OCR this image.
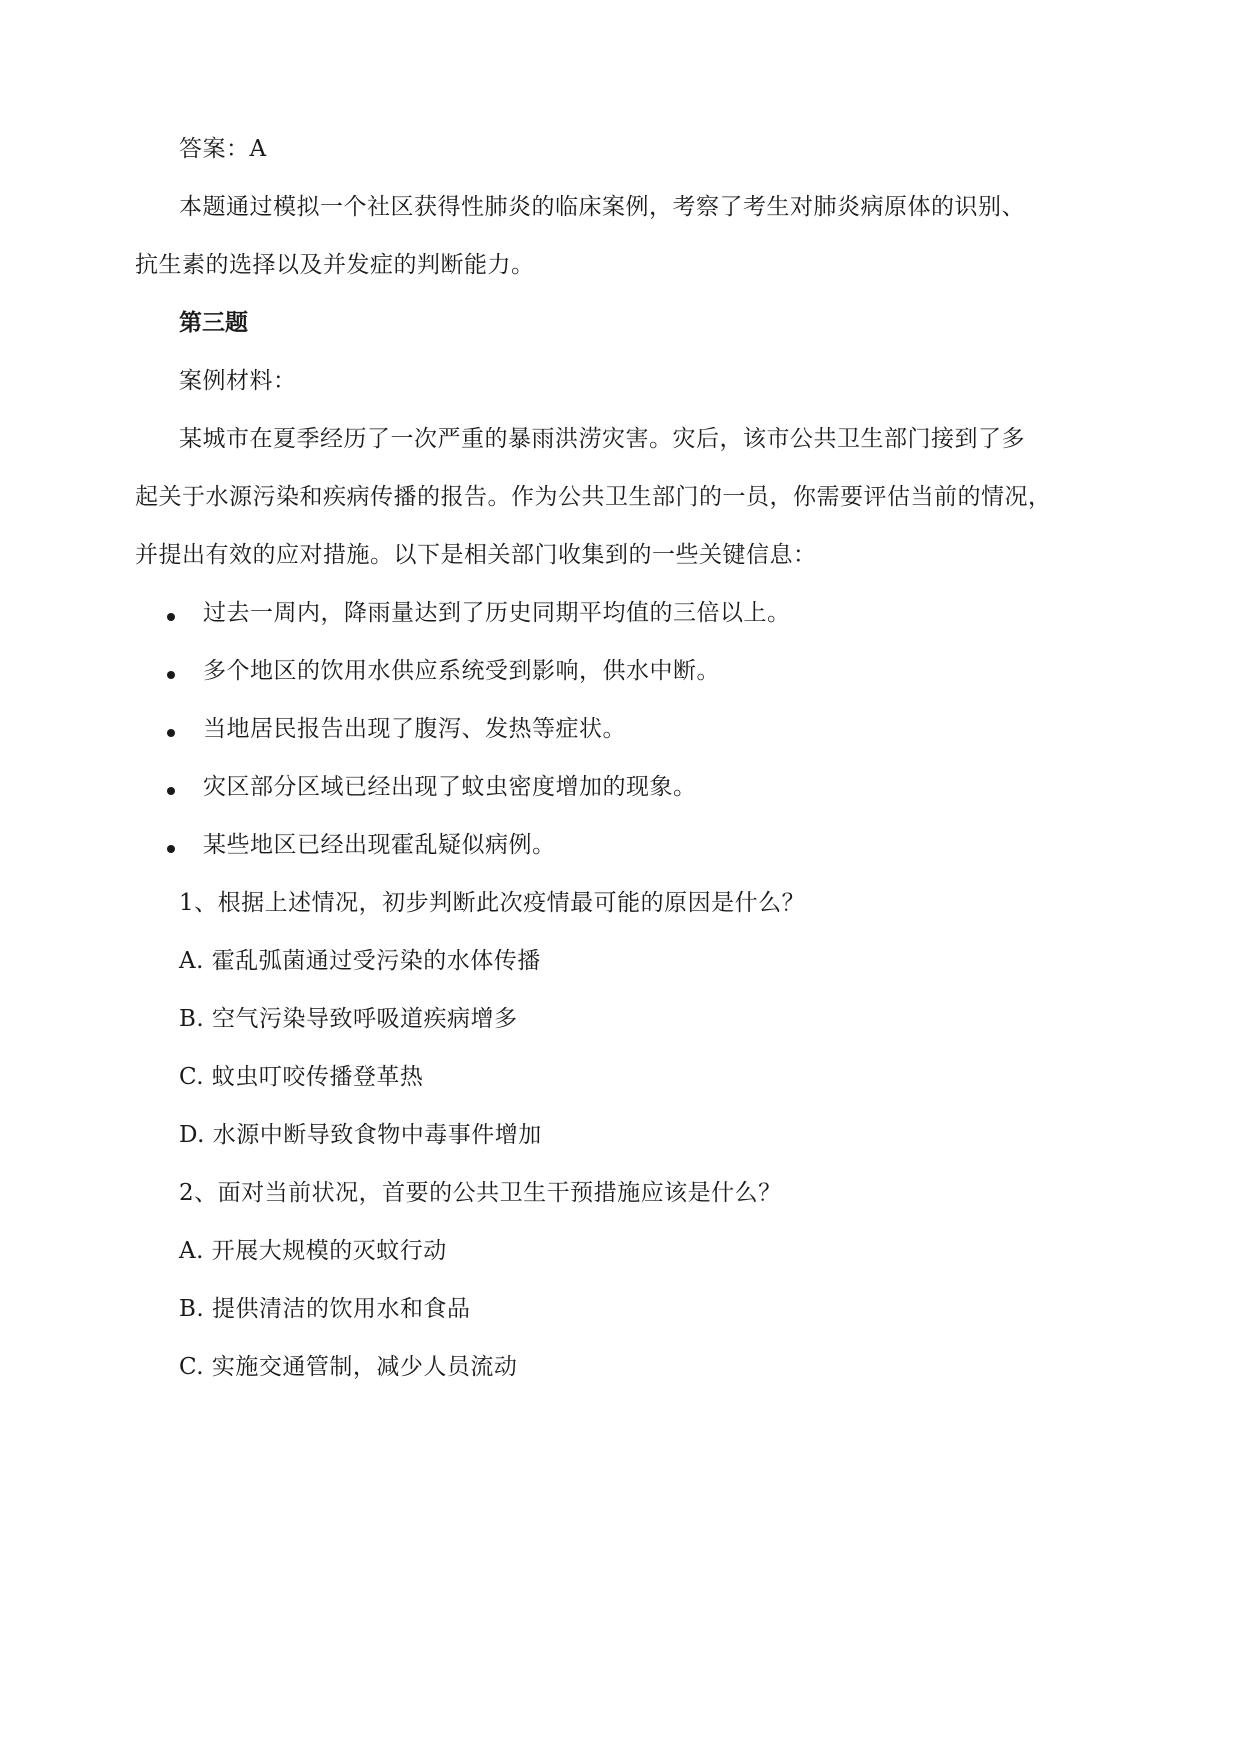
答案：A
本题通过模拟一个社区获得性肺炎的临床案例，考察了考生对肺炎病原体的识别、
抗生素的选择以及并发症的判断能力。
第三题
案例材料：
某城市在夏季经历了一次严重的暴雨洪涝灾害。灾后，该市公共卫生部门接到了多
起关于水源污染和疾病传播的报告。作为公共卫生部门的一员，你需要评估当前的情况，
并提出有效的应对措施。以下是相关部门收集到的一些关键信息：
过去一周内，降雨量达到了历史同期平均值的三倍以上。
多个地区的饮用水供应系统受到影响，供水中断。
当地居民报告出现了腹泻、发热等症状。
灾区部分区域已经出现了蚊虫密度增加的现象。
某些地区已经出现霍乱疑似病例。
1、根据上述情况，初步判断此次疫情最可能的原因是什么？
A. 霍乱弧菌通过受污染的水体传播
B. 空气污染导致呼吸道疾病增多
C. 蚊虫叮咬传播登革热
D. 水源中断导致食物中毒事件增加
2、面对当前状况，首要的公共卫生干预措施应该是什么？
A. 开展大规模的灭蚊行动
B. 提供清洁的饮用水和食品
C. 实施交通管制，减少人员流动
